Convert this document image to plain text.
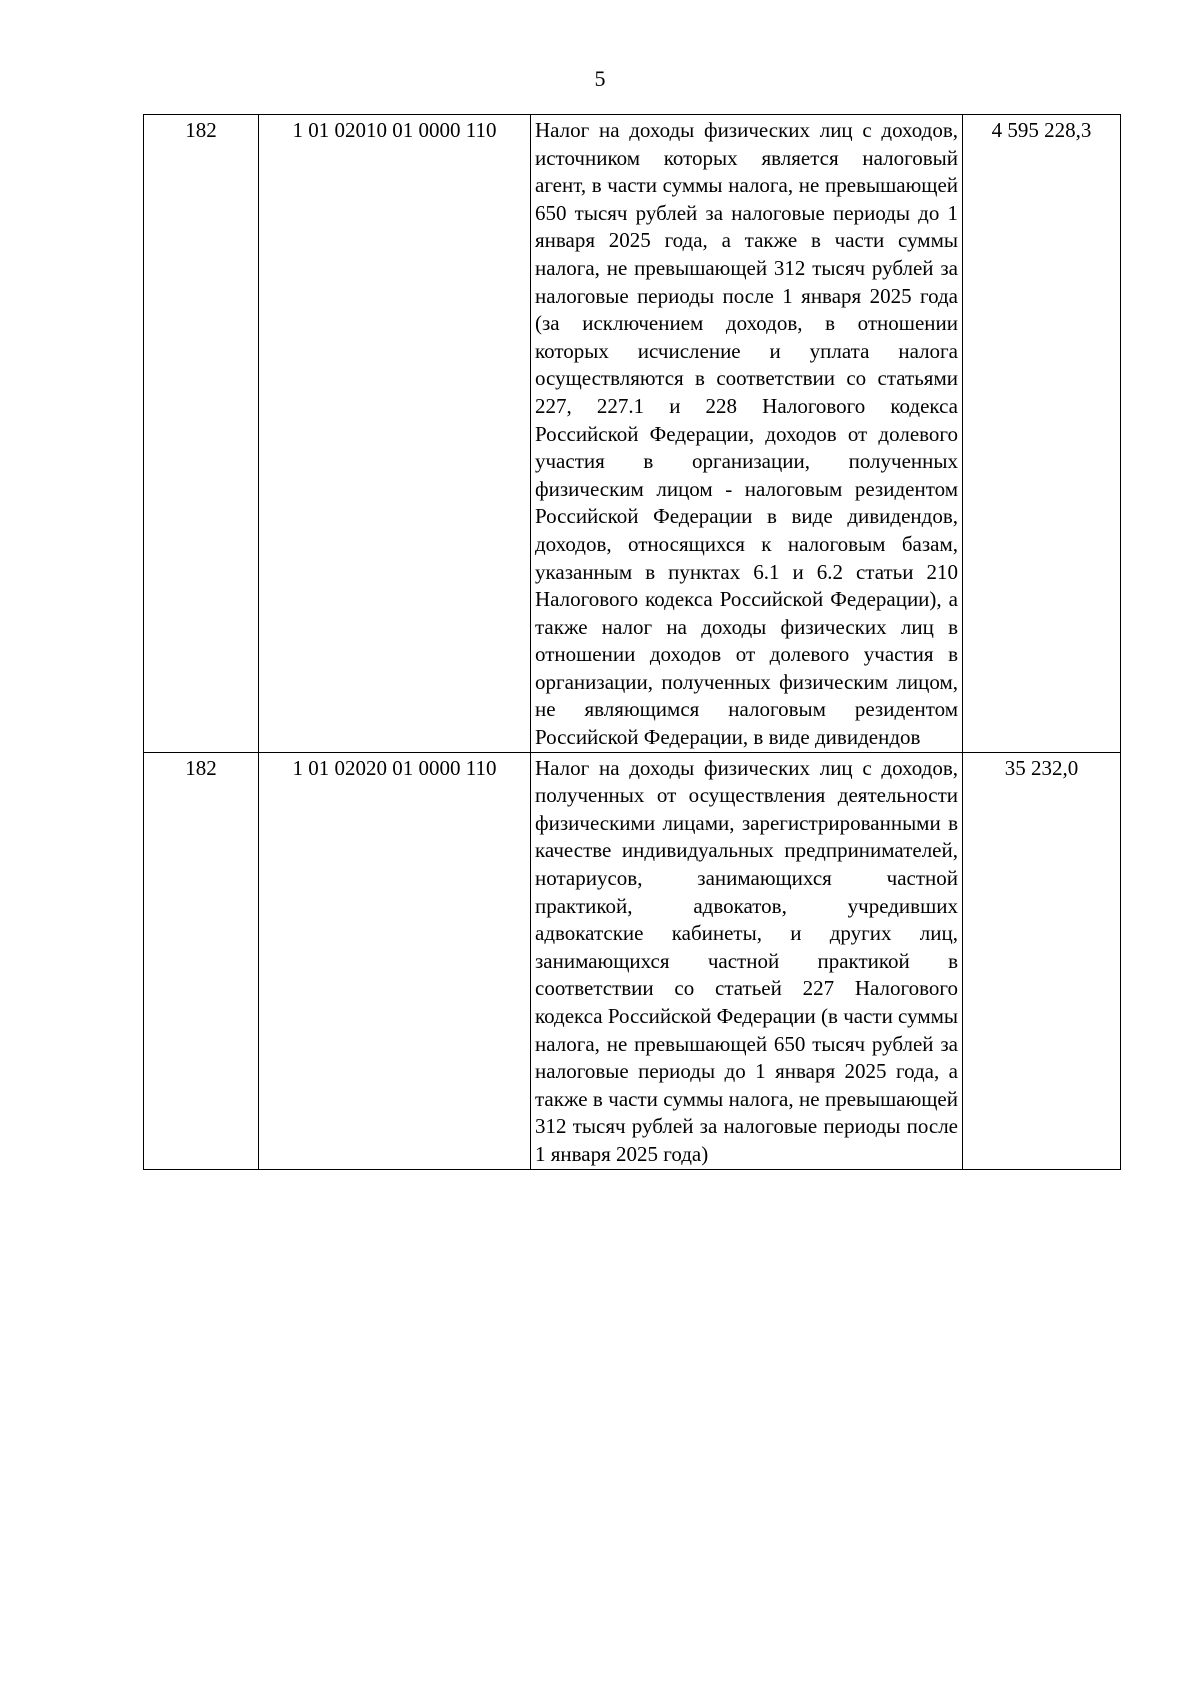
5
182	1 01 02010 01 0000 110	Налог на доходы физических лиц с доходов, источником которых является налоговый агент, в части суммы налога, не превышающей 650 тысяч рублей за налоговые периоды до 1 января 2025 года, а также в части суммы налога, не превышающей 312 тысяч рублей за налоговые периоды после 1 января 2025 года (за исключением доходов, в отношении которых исчисление и уплата налога осуществляются в соответствии со статьями 227, 227.1 и 228 Налогового кодекса Российской Федерации, доходов от долевого участия в организации, полученных физическим лицом - налоговым резидентом Российской Федерации в виде дивидендов, доходов, относящихся к налоговым базам, указанным в пунктах 6.1 и 6.2 статьи 210 Налогового кодекса Российской Федерации), а также налог на доходы физических лиц в отношении доходов от долевого участия в организации, полученных физическим лицом, не являющимся налоговым резидентом Российской Федерации, в виде дивидендов	4 595 228,3
182	1 01 02020 01 0000 110	Налог на доходы физических лиц с доходов, полученных от осуществления деятельности физическими лицами, зарегистрированными в качестве индивидуальных предпринимателей, нотариусов, занимающихся частной практикой, адвокатов, учредивших адвокатские кабинеты, и других лиц, занимающихся частной практикой в соответствии со статьей 227 Налогового кодекса Российской Федерации (в части суммы налога, не превышающей 650 тысяч рублей за налоговые периоды до 1 января 2025 года, а также в части суммы налога, не превышающей 312 тысяч рублей за налоговые периоды после 1 января 2025 года)	35 232,0
